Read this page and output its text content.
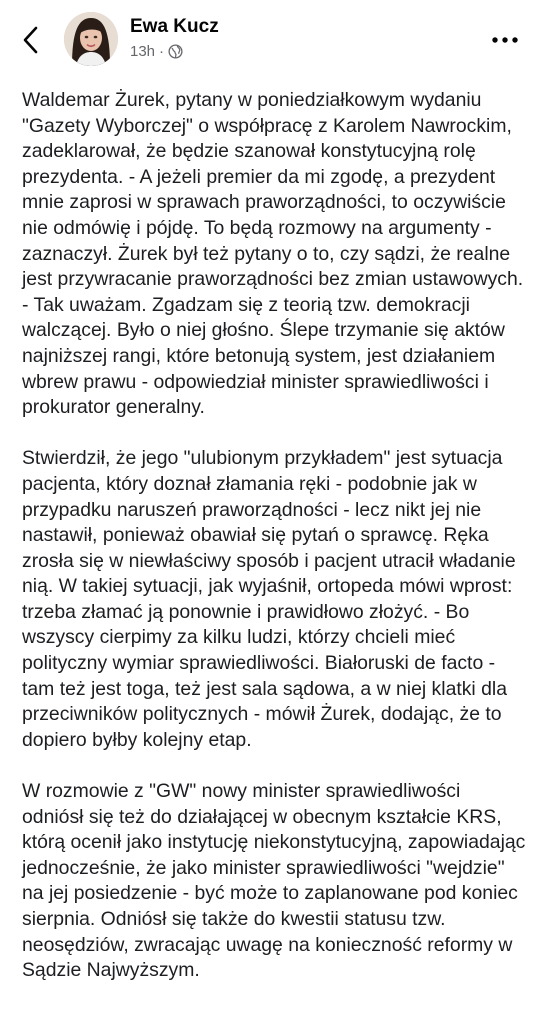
Ewa Kucz
13h ·

Waldemar Żurek, pytany w poniedziałkowym wydaniu "Gazety Wyborczej" o współpracę z Karolem Nawrockim, zadeklarował, że będzie szanował konstytucyjną rolę prezydenta. - A jeżeli premier da mi zgodę, a prezydent mnie zaprosi w sprawach praworządności, to oczywiście nie odmówię i pójdę. To będą rozmowy na argumenty - zaznaczył. Żurek był też pytany o to, czy sądzi, że realne jest przywracanie praworządności bez zmian ustawowych. - Tak uważam. Zgadzam się z teorią tzw. demokracji walczącej. Było o niej głośno. Ślepe trzymanie się aktów najniższej rangi, które betonują system, jest działaniem wbrew prawu - odpowiedział minister sprawiedliwości i prokurator generalny.

Stwierdził, że jego "ulubionym przykładem" jest sytuacja pacjenta, który doznał złamania ręki - podobnie jak w przypadku naruszeń praworządności - lecz nikt jej nie nastawił, ponieważ obawiał się pytań o sprawcę. Ręka zrosła się w niewłaściwy sposób i pacjent utracił władanie nią. W takiej sytuacji, jak wyjaśnił, ortopeda mówi wprost: trzeba złamać ją ponownie i prawidłowo złożyć. - Bo wszyscy cierpimy za kilku ludzi, którzy chcieli mieć polityczny wymiar sprawiedliwości. Białoruski de facto - tam też jest toga, też jest sala sądowa, a w niej klatki dla przeciwników politycznych - mówił Żurek, dodając, że to dopiero byłby kolejny etap.

W rozmowie z "GW" nowy minister sprawiedliwości odniósł się też do działającej w obecnym kształcie KRS, którą ocenił jako instytucję niekonstytucyjną, zapowiadając jednocześnie, że jako minister sprawiedliwości "wejdzie" na jej posiedzenie - być może to zaplanowane pod koniec sierpnia. Odniósł się także do kwestii statusu tzw. neosędziów, zwracając uwagę na konieczność reformy w Sądzie Najwyższym.
